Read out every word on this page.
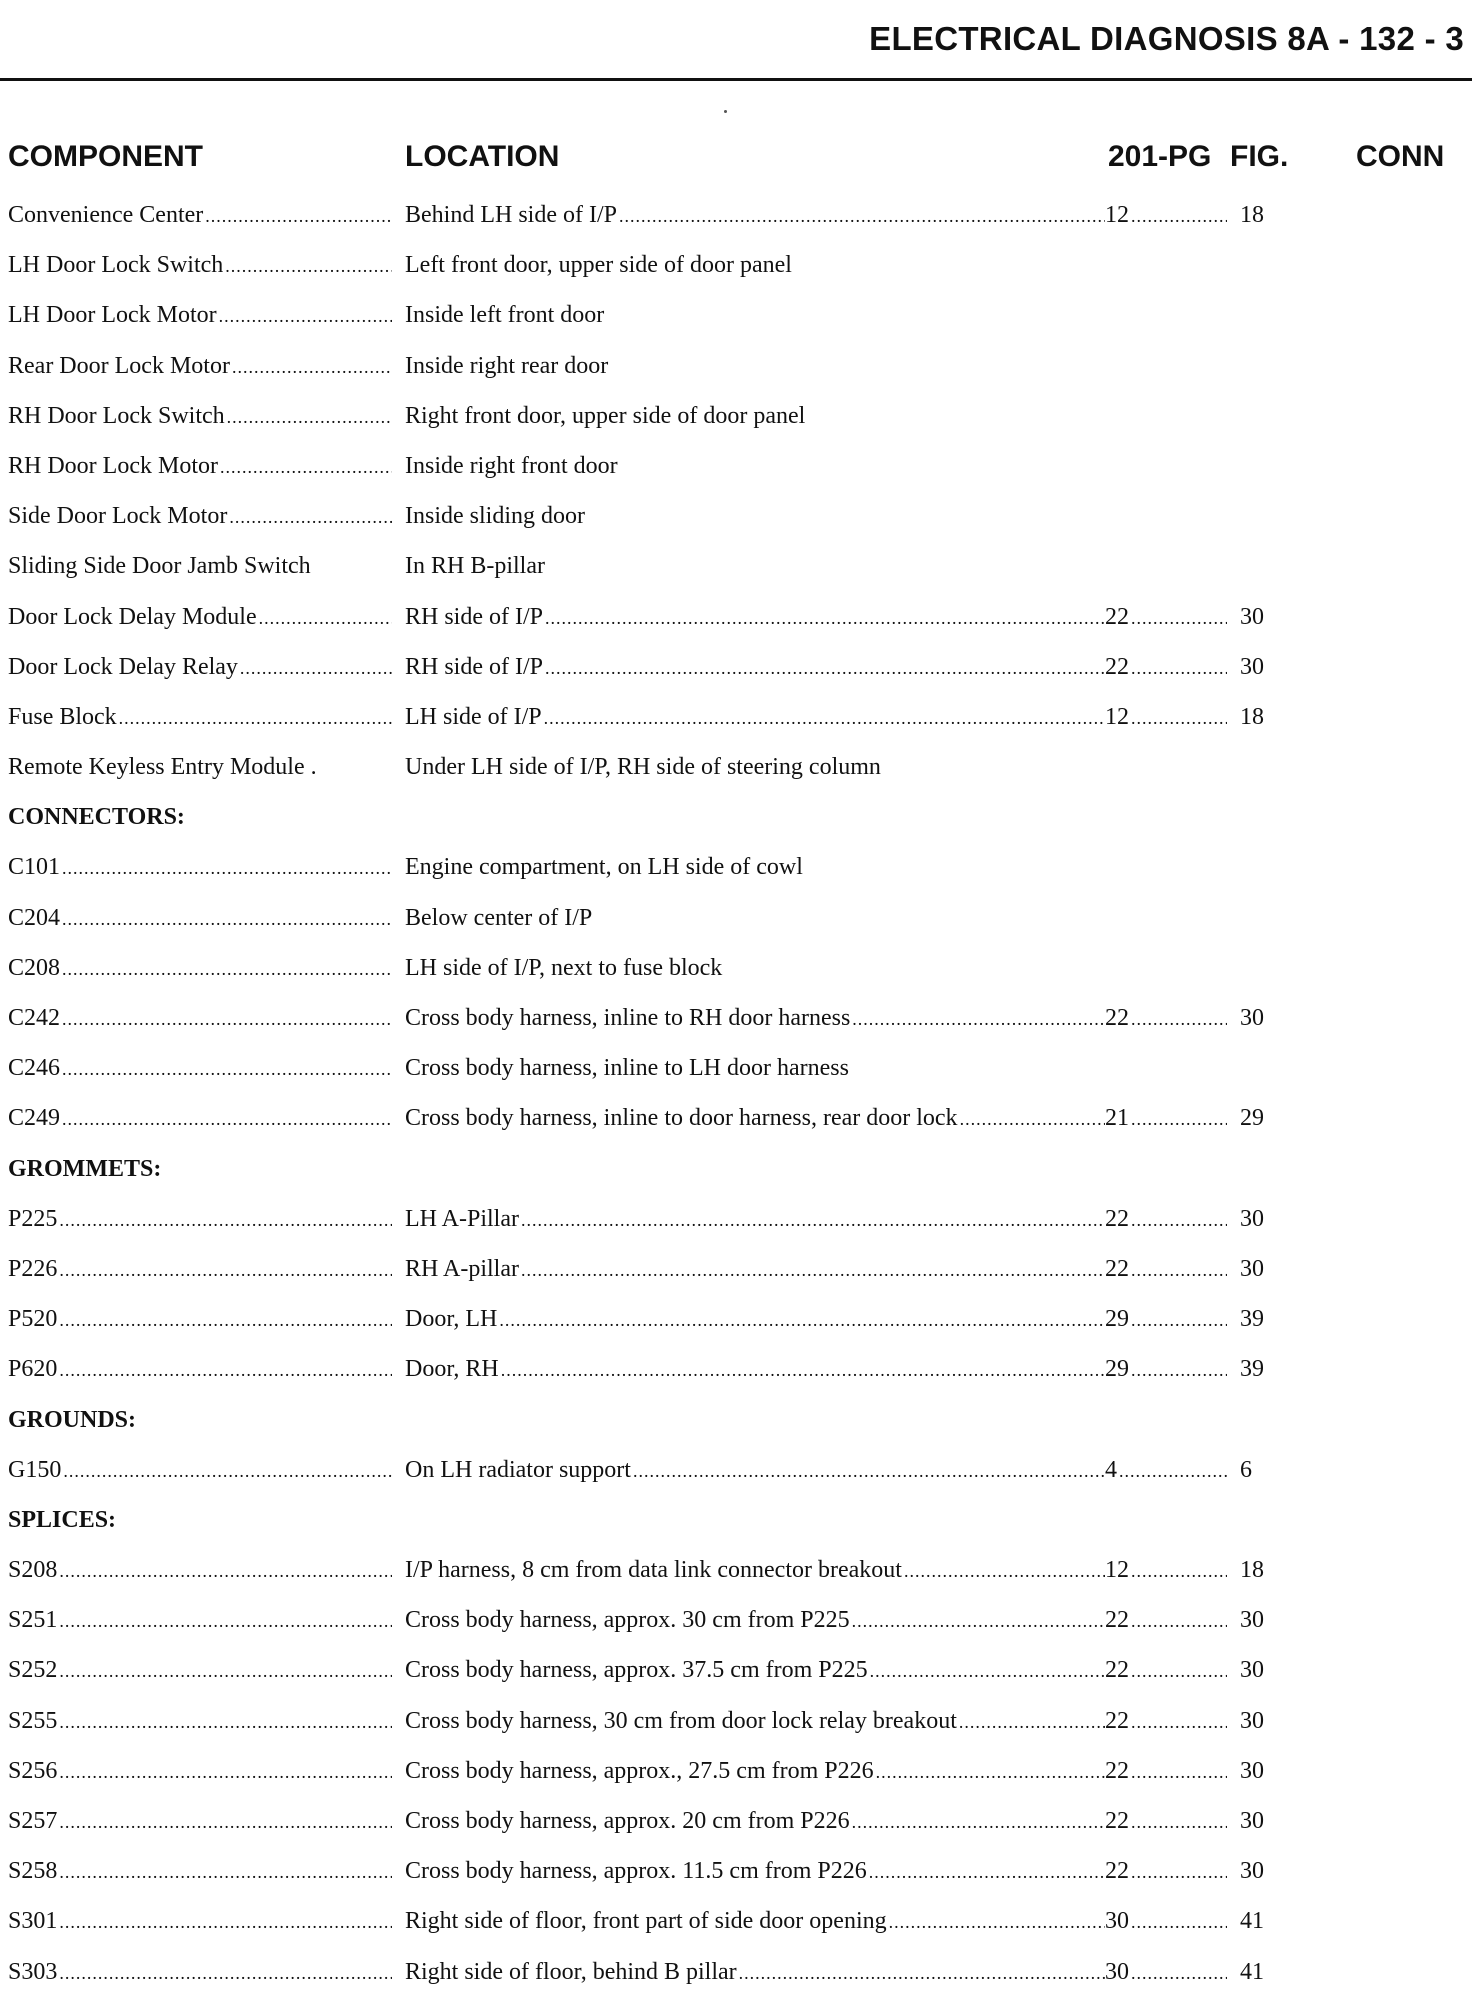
ELECTRICAL DIAGNOSIS 8A - 132 - 3
COMPONENT	LOCATION	201-PG FIG. CONN
Convenience Center .....	Behind LH side of I/P .....	12 .....	18
LH Door Lock Switch .....	Left front door, upper side of door panel
LH Door Lock Motor .....	Inside left front door
Rear Door Lock Motor .....	Inside right rear door
RH Door Lock Switch .....	Right front door, upper side of door panel
RH Door Lock Motor .....	Inside right front door
Side Door Lock Motor .....	Inside sliding door
Sliding Side Door Jamb Switch	In RH B-pillar
Door Lock Delay Module .....	RH side of I/P .....	22 .....	30
Door Lock Delay Relay .....	RH side of I/P .....	22 .....	30
Fuse Block .....	LH side of I/P .....	12 .....	18
Remote Keyless Entry Module .	Under LH side of I/P, RH side of steering column
CONNECTORS:
C101 .....	Engine compartment, on LH side of cowl
C204 .....	Below center of I/P
C208 .....	LH side of I/P, next to fuse block
C242 .....	Cross body harness, inline to RH door harness .....	22 .....	30
C246 .....	Cross body harness, inline to LH door harness
C249 .....	Cross body harness, inline to door harness, rear door lock .....	21 .....	29
GROMMETS:
P225 .....	LH A-Pillar .....	22 .....	30
P226 .....	RH A-pillar .....	22 .....	30
P520 .....	Door, LH .....	29 .....	39
P620 .....	Door, RH .....	29 .....	39
GROUNDS:
G150 .....	On LH radiator support .....	4 .....	6
SPLICES:
S208 .....	I/P harness, 8 cm from data link connector breakout .....	12 .....	18
S251 .....	Cross body harness, approx. 30 cm from P225 .....	22 .....	30
S252 .....	Cross body harness, approx. 37.5 cm from P225 .....	22 .....	30
S255 .....	Cross body harness, 30 cm from door lock relay breakout .....	22 .....	30
S256 .....	Cross body harness, approx., 27.5 cm from P226 .....	22 .....	30
S257 .....	Cross body harness, approx. 20 cm from P226 .....	22 .....	30
S258 .....	Cross body harness, approx. 11.5 cm from P226 .....	22 .....	30
S301 .....	Right side of floor, front part of side door opening .....	30 .....	41
S303 .....	Right side of floor, behind B pillar .....	30 .....	41
